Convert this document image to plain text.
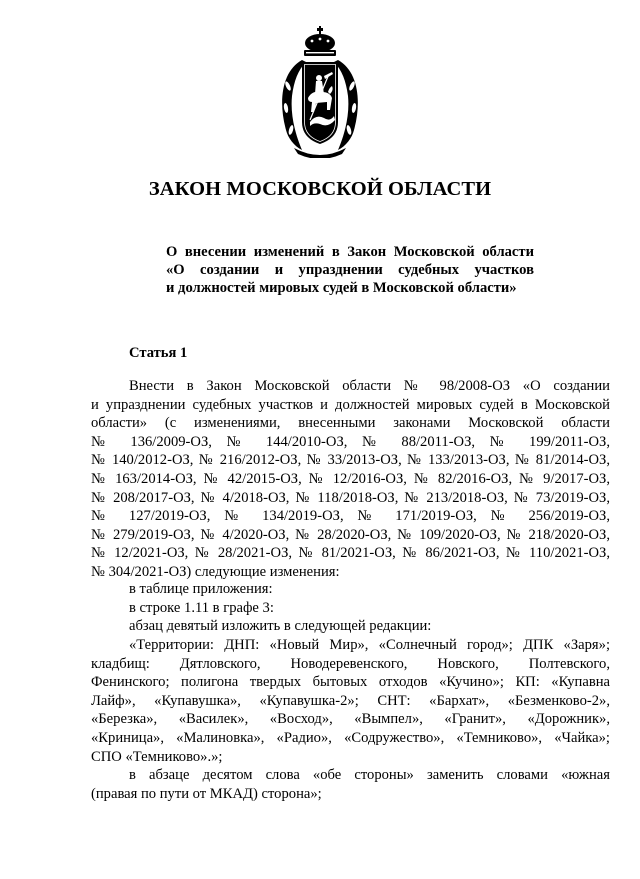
ЗАКОН МОСКОВСКОЙ ОБЛАСТИ
О внесении изменений в Закон Московской области
«О создании и упразднении судебных участков
и должностей мировых судей в Московской области»
Статья 1
Внести в Закон Московской области № 98/2008-ОЗ «О создании
и упразднении судебных участков и должностей мировых судей в Московской
области» (с изменениями, внесенными законами Московской области
№ 136/2009-ОЗ, № 144/2010-ОЗ, № 88/2011-ОЗ, № 199/2011-ОЗ,
№ 140/2012-ОЗ, № 216/2012-ОЗ, № 33/2013-ОЗ, № 133/2013-ОЗ, № 81/2014-ОЗ,
№ 163/2014-ОЗ, № 42/2015-ОЗ, № 12/2016-ОЗ, № 82/2016-ОЗ, № 9/2017-ОЗ,
№ 208/2017-ОЗ, № 4/2018-ОЗ, № 118/2018-ОЗ, № 213/2018-ОЗ, № 73/2019-ОЗ,
№ 127/2019-ОЗ, № 134/2019-ОЗ, № 171/2019-ОЗ, № 256/2019-ОЗ,
№ 279/2019-ОЗ, № 4/2020-ОЗ, № 28/2020-ОЗ, № 109/2020-ОЗ, № 218/2020-ОЗ,
№ 12/2021-ОЗ, № 28/2021-ОЗ, № 81/2021-ОЗ, № 86/2021-ОЗ, № 110/2021-ОЗ,
№ 304/2021-ОЗ) следующие изменения:
в таблице приложения:
в строке 1.11 в графе 3:
абзац девятый изложить в следующей редакции:
«Территории: ДНП: «Новый Мир», «Солнечный город»; ДПК «Заря»;
кладбищ: Дятловского, Новодеревенского, Новского, Полтевского,
Фенинского; полигона твердых бытовых отходов «Кучино»; КП: «Купавна
Лайф», «Купавушка», «Купавушка-2»; СНТ: «Бархат», «Безменково-2»,
«Березка», «Василек», «Восход», «Вымпел», «Гранит», «Дорожник»,
«Криница», «Малиновка», «Радио», «Содружество», «Темниково», «Чайка»;
СПО «Темниково».»;
в абзаце десятом слова «обе стороны» заменить словами «южная
(правая по пути от МКАД) сторона»;
